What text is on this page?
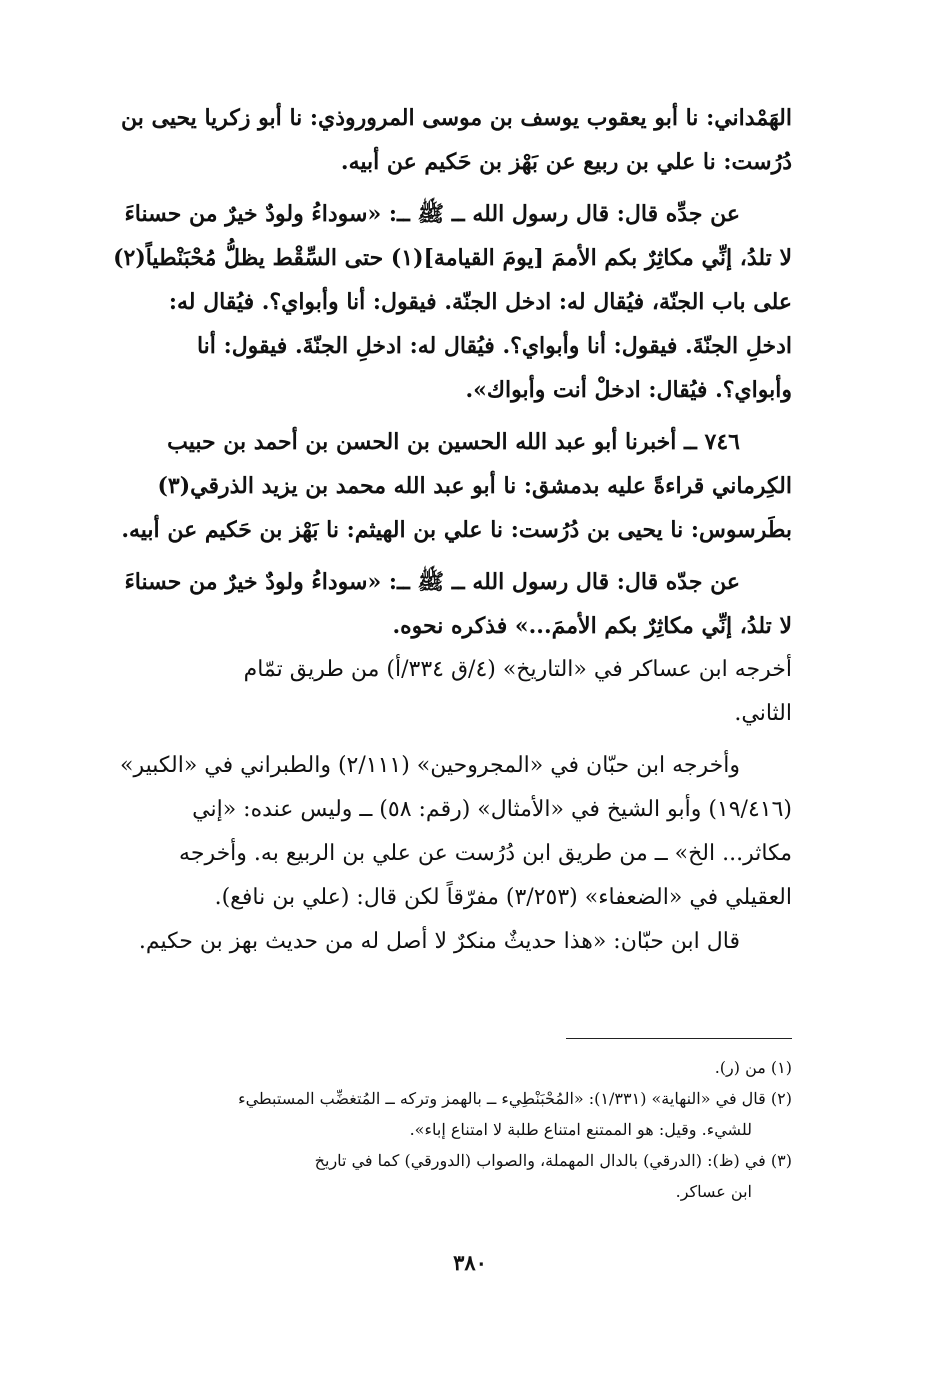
الهَمْداني: نا أبو يعقوب يوسف بن موسى المروروذي: نا أبو زكريا يحيى بن
دُرُست: نا علي بن ربيع عن بَهْز بن حَكيم عن أبيه.
عن جدِّه قال: قال رسول الله ــ ﷺ ــ: «سوداءُ ولودٌ خيرٌ من حسناءَ
لا تلدُ، إنِّي مكاثِرٌ بكم الأممَ [يومَ القيامة](١) حتى السِّقْط يظلُّ مُحْبَنْطياً(٢)
على باب الجنّة، فيُقال له: ادخل الجنّة. فيقول: أنا وأبواي؟. فيُقال له:
ادخلِ الجنّةَ. فيقول: أنا وأبواي؟. فيُقال له: ادخلِ الجنّةَ. فيقول: أنا
وأبواي؟. فيُقال: ادخلْ أنت وأبواك».
٧٤٦ ــ أخبرنا أبو عبد الله الحسين بن الحسن بن أحمد بن حبيب
الكِرماني قراءةً عليه بدمشق: نا أبو عبد الله محمد بن يزيد الذرقي(٣)
بطَرسوس: نا يحيى بن دُرُست: نا علي بن الهيثم: نا بَهْز بن حَكيم عن أبيه.
عن جدّه قال: قال رسول الله ــ ﷺ ــ: «سوداءُ ولودٌ خيرٌ من حسناءَ
لا تلدُ، إنِّي مكاثِرٌ بكم الأممَ...» فذكره نحوه.
أخرجه ابن عساكر في «التاريخ» (٤/ق ٣٣٤/أ) من طريق تمّام
الثاني.
وأخرجه ابن حبّان في «المجروحين» (٢/١١١) والطبراني في «الكبير»
(١٩/٤١٦) وأبو الشيخ في «الأمثال» (رقم: ٥٨) ــ وليس عنده: «إني
مكاثر... الخ» ــ من طريق ابن دُرُست عن علي بن الربيع به. وأخرجه
العقيلي في «الضعفاء» (٣/٢٥٣) مفرّقاً لكن قال: (علي بن نافع).
قال ابن حبّان: «هذا حديثٌ منكرٌ لا أصل له من حديث بهز بن حكيم.
(١) من (ر).
(٢) قال في «النهاية» (١/٣٣١): «المُحْبَنْطِيء ــ بالهمز وتركه ــ المُتغضِّب المستبطيء
للشيء. وقيل: هو الممتنع امتناع طلبة لا امتناع إباء».
(٣) في (ظ): (الدرقي) بالدال المهملة، والصواب (الدورقي) كما في تاريخ
ابن عساكر.
٣٨٠
